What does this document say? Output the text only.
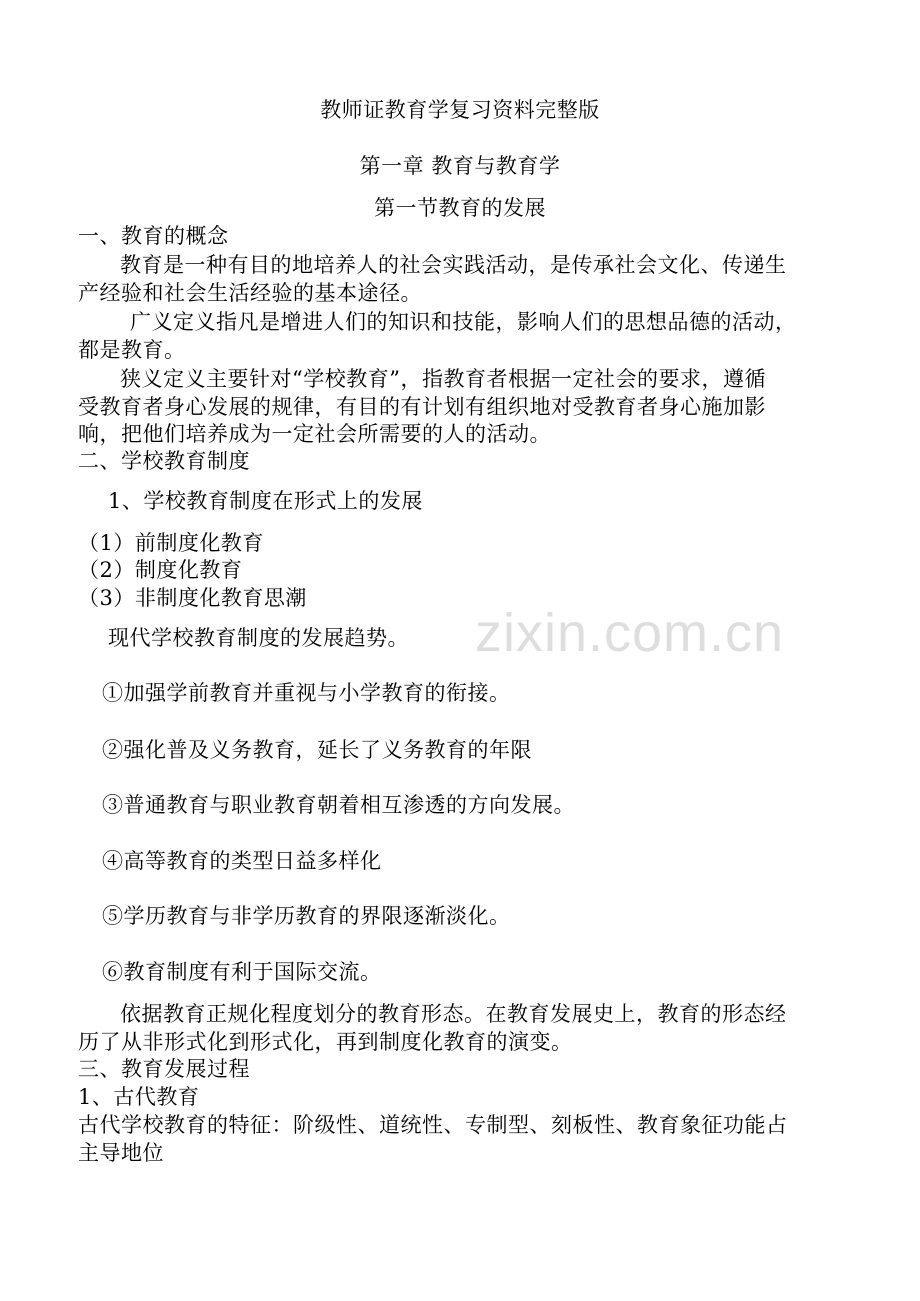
教师证教育学复习资料完整版
第一章 教育与教育学
第一节教育的发展
一、教育的概念
教育是一种有目的地培养人的社会实践活动，是传承社会文化、传递生
产经验和社会生活经验的基本途径。
广义定义指凡是增进人们的知识和技能，影响人们的思想品德的活动，
都是教育。
狭义定义主要针对“学校教育”，指教育者根据一定社会的要求，遵循
受教育者身心发展的规律，有目的有计划有组织地对受教育者身心施加影
响，把他们培养成为一定社会所需要的人的活动。
二、学校教育制度
1、学校教育制度在形式上的发展
（1）前制度化教育
（2）制度化教育
（3）非制度化教育思潮
现代学校教育制度的发展趋势。
①加强学前教育并重视与小学教育的衔接。
②强化普及义务教育，延长了义务教育的年限
③普通教育与职业教育朝着相互渗透的方向发展。
④高等教育的类型日益多样化
⑤学历教育与非学历教育的界限逐渐淡化。
⑥教育制度有利于国际交流。
依据教育正规化程度划分的教育形态。在教育发展史上，教育的形态经
历了从非形式化到形式化，再到制度化教育的演变。
三、教育发展过程
1、古代教育
古代学校教育的特征：阶级性、道统性、专制型、刻板性、教育象征功能占
主导地位
zixin.com.cn
